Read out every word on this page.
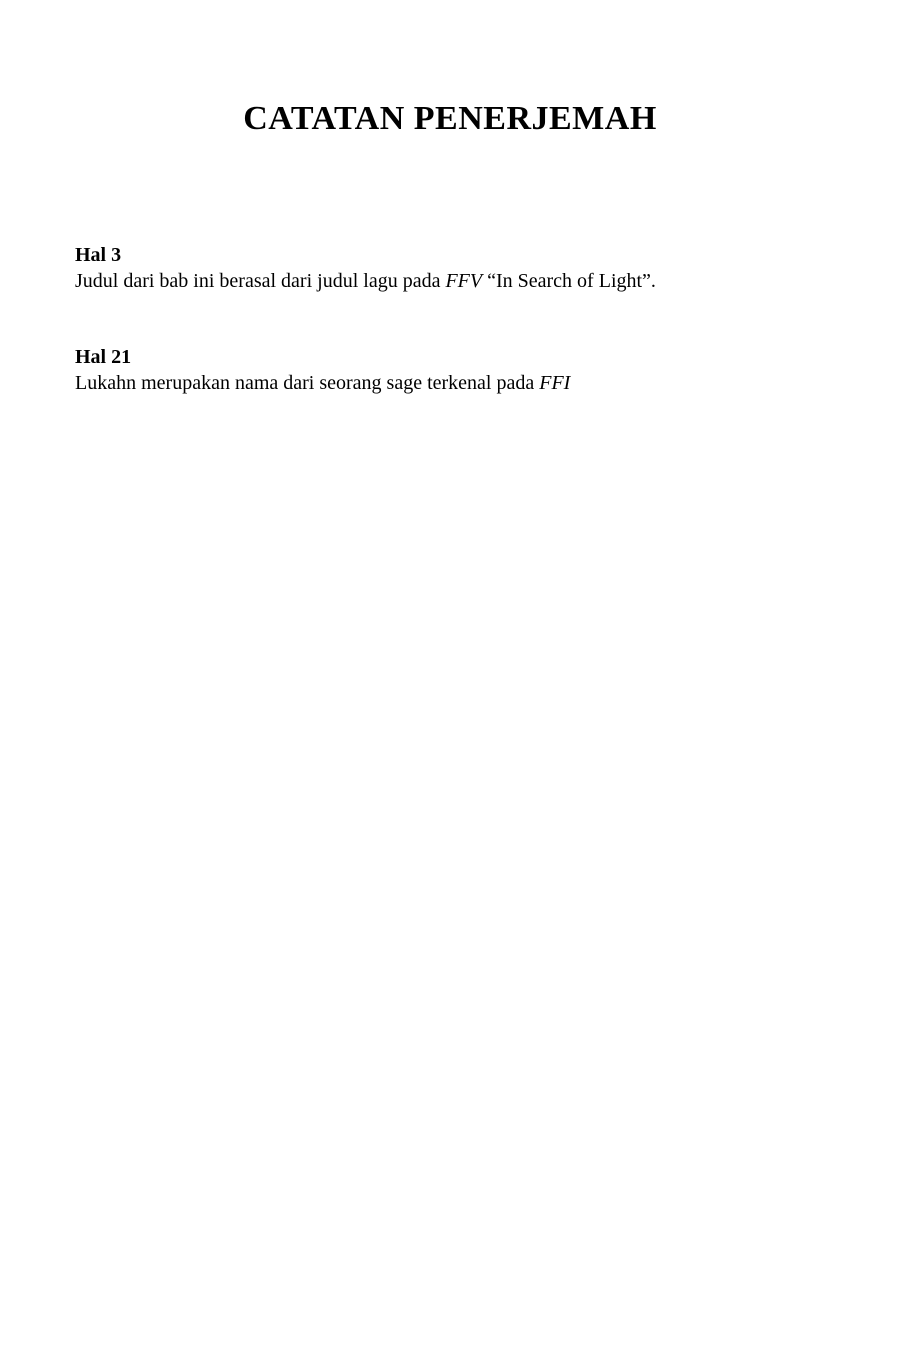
CATATAN PENERJEMAH
Hal 3
Judul dari bab ini berasal dari judul lagu pada FFV “In Search of Light”.
Hal 21
Lukahn merupakan nama dari seorang sage terkenal pada FFI
